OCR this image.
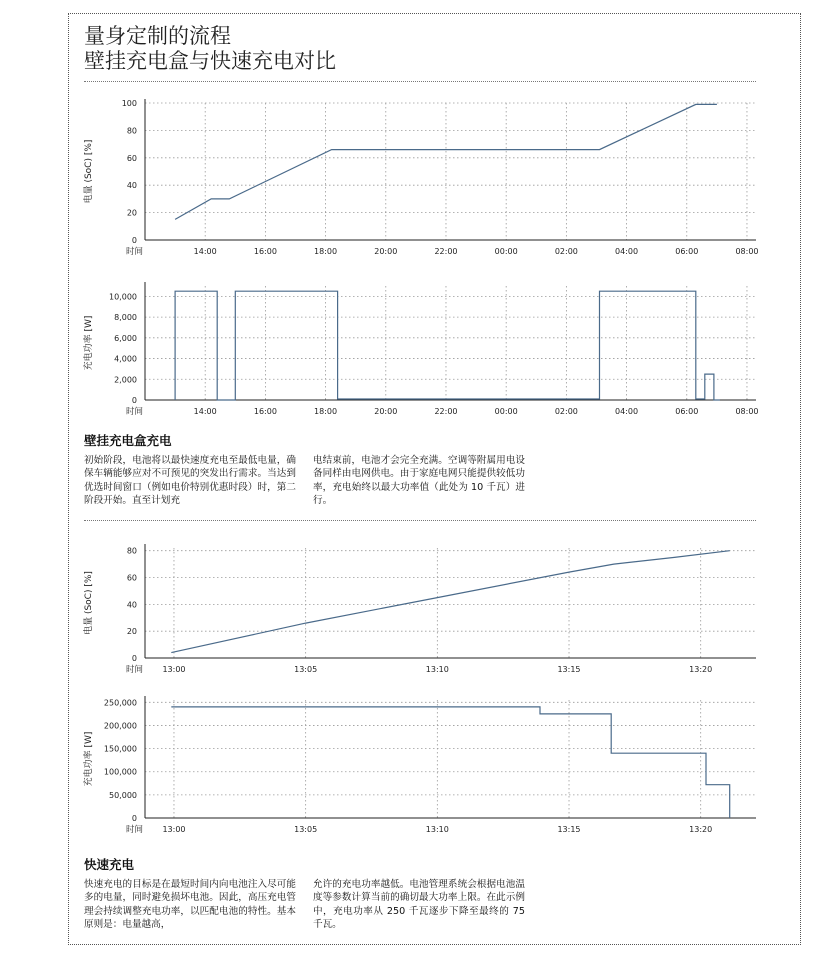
量身定制的流程
壁挂充电盒与快速充电对比
0
20
40
60
80
100
14:00	16:00	18:00	20:00	22:00	00:00	02:00	04:00	06:00	08:00
时间
电量 (SoC) [%]
0
2,000
4,000
6,000
8,000
10,000
14:00	16:00	18:00	20:00	22:00	00:00	02:00	04:00	06:00	08:00
时间
充电功率 [W]
0
20
40
60
80
13:00	13:05	13:10	13:15	13:20
时间
电量 (SoC) [%]
0
50,000
100,000
150,000
200,000
250,000
13:00	13:05	13:10	13:15	13:20
时间
充电功率 [W]
壁挂充电盒充电
初始阶段，电池将以最快速度充电至最低电量，确保车辆能够应对不可预见的突发出行需求。当达到优选时间窗口（例如电价特别优惠时段）时，第二阶段开始。直至计划充
电结束前，电池才会完全充满。空调等附属用电设备同样由电网供电。由于家庭电网只能提供较低功率，充电始终以最大功率值（此处为 10 千瓦）进行。
快速充电
快速充电的目标是在最短时间内向电池注入尽可能多的电量，同时避免损坏电池。因此，高压充电管理会持续调整充电功率，以匹配电池的特性。基本原则是：电量越高，
允许的充电功率越低。电池管理系统会根据电池温度等参数计算当前的确切最大功率上限。在此示例中，充电功率从 250 千瓦逐步下降至最终的 75 千瓦。
